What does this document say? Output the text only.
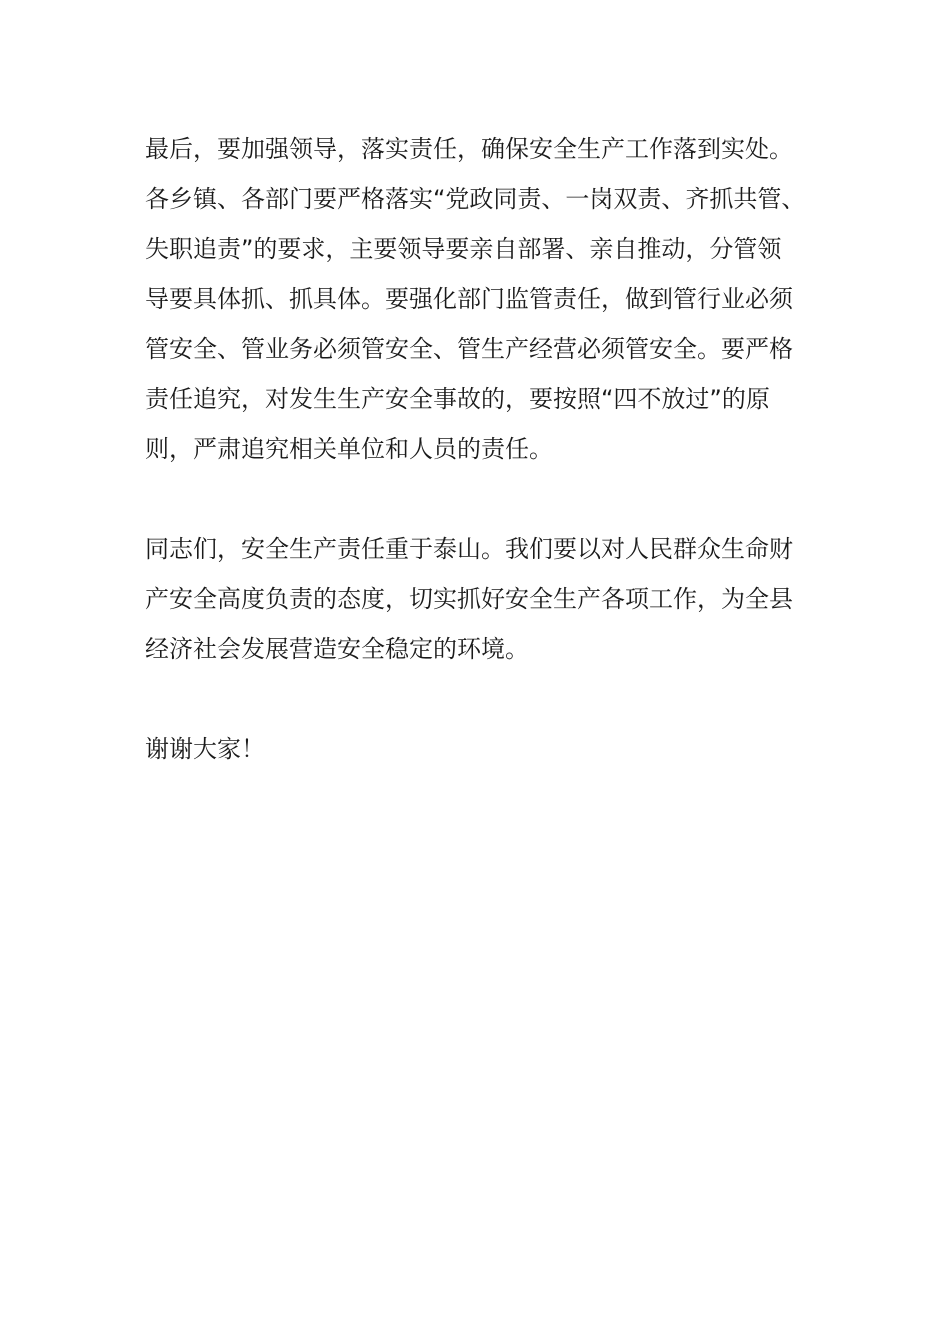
最后，要加强领导，落实责任，确保安全生产工作落到实处。
各乡镇、各部门要严格落实“党政同责、一岗双责、齐抓共管、
失职追责”的要求，主要领导要亲自部署、亲自推动，分管领
导要具体抓、抓具体。要强化部门监管责任，做到管行业必须
管安全、管业务必须管安全、管生产经营必须管安全。要严格
责任追究，对发生生产安全事故的，要按照“四不放过”的原
则，严肃追究相关单位和人员的责任。
同志们，安全生产责任重于泰山。我们要以对人民群众生命财
产安全高度负责的态度，切实抓好安全生产各项工作，为全县
经济社会发展营造安全稳定的环境。
谢谢大家！
